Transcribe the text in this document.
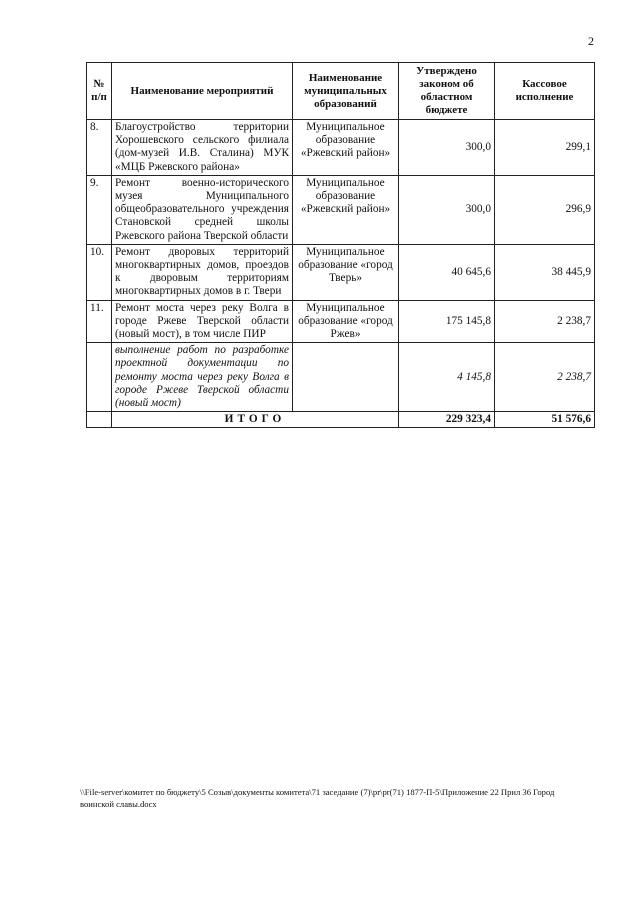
2
№ п/п	Наименование мероприятий	Наименование муниципальных образований	Утверждено законом об областном бюджете	Кассовое исполнение
8.	Благоустройство территории Хорошевского сельского филиала (дом-музей И.В. Сталина) МУК «МЦБ Ржевского района»	Муниципальное образование «Ржевский район»	300,0	299,1
9.	Ремонт военно-исторического музея Муниципального общеобразовательного учреждения Становской средней школы Ржевского района Тверской области	Муниципальное образование «Ржевский район»	300,0	296,9
10.	Ремонт дворовых территорий многоквартирных домов, проездов к дворовым территориям многоквартирных домов в г. Твери	Муниципальное образование «город Тверь»	40 645,6	38 445,9
11.	Ремонт моста через реку Волга в городе Ржеве Тверской области (новый мост), в том числе ПИР	Муниципальное образование «город Ржев»	175 145,8	2 238,7
	выполнение работ по разработке проектной документации по ремонту моста через реку Волга в городе Ржеве Тверской области (новый мост)		4 145,8	2 238,7
	ИТОГО		229 323,4	51 576,6
\\File-server\комитет по бюджету\5 Созыв\документы комитета\71 заседание (7)\pr\pr(71) 1877-П-5\Приложение 22 Прил 36 Город воинской славы.docx
